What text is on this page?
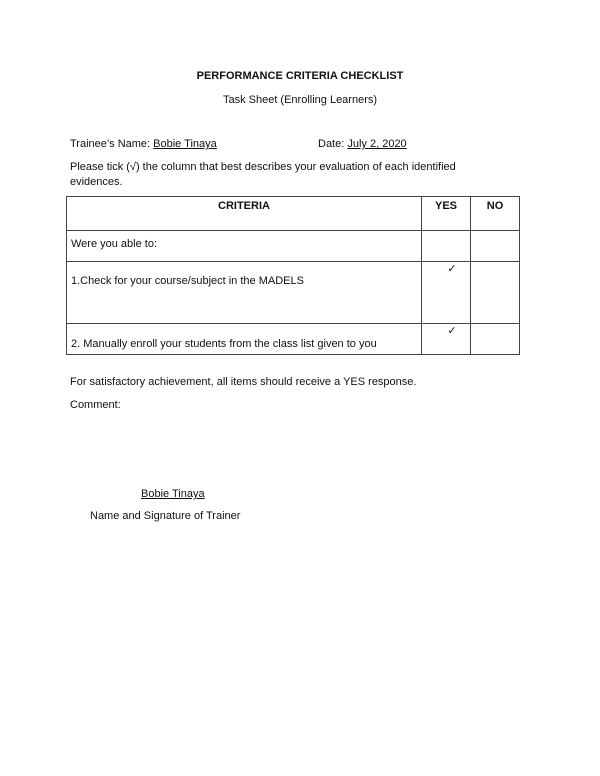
PERFORMANCE CRITERIA CHECKLIST
Task Sheet (Enrolling Learners)
Trainee’s Name: Bobie Tinaya	Date: July 2, 2020
Please tick (√) the column that best describes your evaluation of each identified
evidences.
CRITERIA	YES	NO

Were you able to:		

1.Check for your course/subject in the MADELS	✓	

2. Manually enroll your students from the class list given to you	✓	

For satisfactory achievement, all items should receive a YES response.
Comment:
Bobie Tinaya
Name and Signature of Trainer
